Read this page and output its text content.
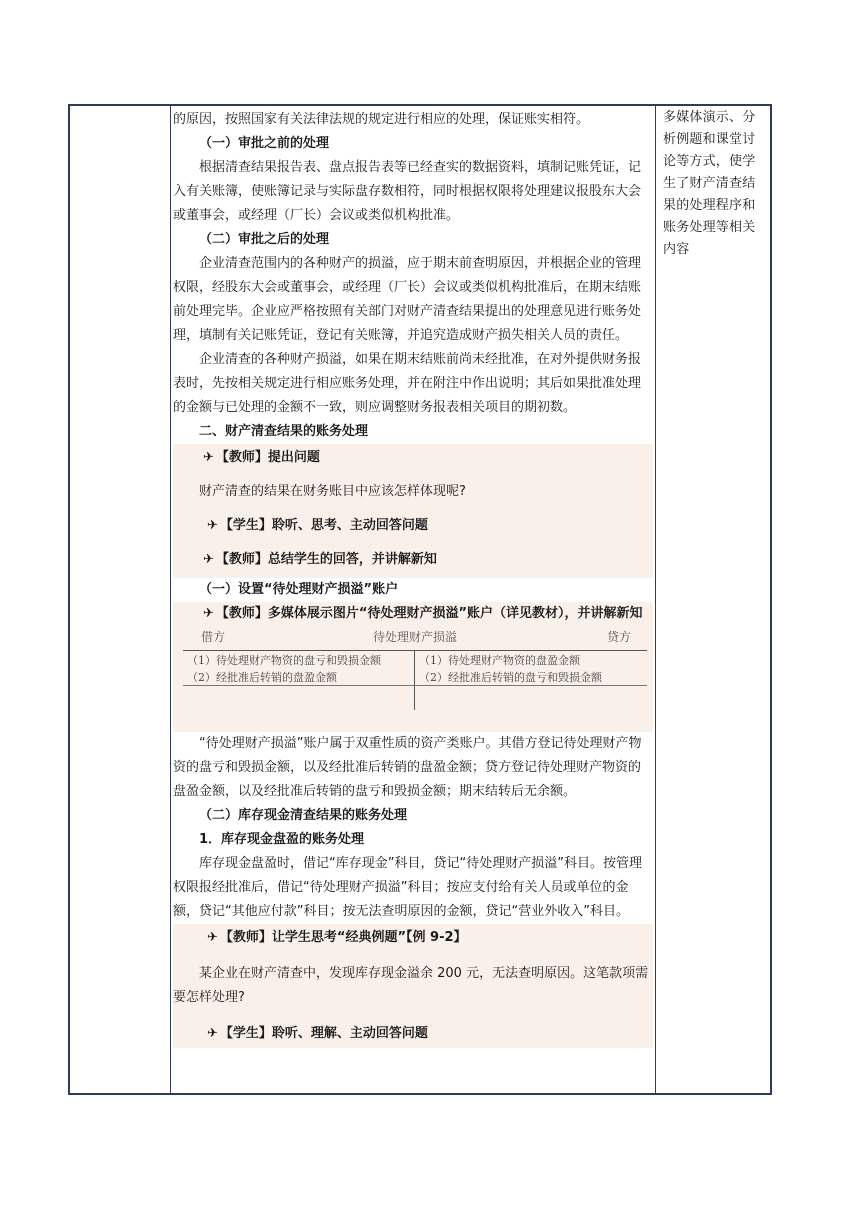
的原因，按照国家有关法律法规的规定进行相应的处理，保证账实相符。

（一）审批之前的处理

根据清查结果报告表、盘点报告表等已经查实的数据资料，填制记账凭证，记入有关账簿，使账簿记录与实际盘存数相符，同时根据权限将处理建议报股东大会或董事会，或经理（厂长）会议或类似机构批准。

（二）审批之后的处理

企业清查范围内的各种财产的损溢，应于期末前查明原因，并根据企业的管理权限，经股东大会或董事会，或经理（厂长）会议或类似机构批准后，在期末结账前处理完毕。企业应严格按照有关部门对财产清查结果提出的处理意见进行账务处理，填制有关记账凭证，登记有关账簿，并追究造成财产损失相关人员的责任。

企业清查的各种财产损溢，如果在期末结账前尚未经批准，在对外提供财务报表时，先按相关规定进行相应账务处理，并在附注中作出说明；其后如果批准处理的金额与已处理的金额不一致，则应调整财务报表相关项目的期初数。

二、财产清查结果的账务处理

✈ 【教师】提出问题

财产清查的结果在财务账目中应该怎样体现呢?

✈ 【学生】聆听、思考、主动回答问题

✈ 【教师】总结学生的回答，并讲解新知

（一）设置“待处理财产损溢”账户

✈ 【教师】多媒体展示图片“待处理财产损溢”账户（详见教材），并讲解新知

借方	待处理财产损溢	贷方
（1）待处理财产物资的盘亏和毁损金额
（2）经批准后转销的盘盈金额
（1）待处理财产物资的盘盈金额
（2）经批准后转销的盘亏和毁损金额

“待处理财产损溢”账户属于双重性质的资产类账户。其借方登记待处理财产物资的盘亏和毁损金额，以及经批准后转销的盘盈金额；贷方登记待处理财产物资的盘盈金额，以及经批准后转销的盘亏和毁损金额；期末结转后无余额。

（二）库存现金清查结果的账务处理

1．库存现金盘盈的账务处理

库存现金盘盈时，借记“库存现金”科目，贷记“待处理财产损溢”科目。按管理权限报经批准后，借记“待处理财产损溢”科目；按应支付给有关人员或单位的金额，贷记“其他应付款”科目；按无法查明原因的金额，贷记“营业外收入”科目。

✈ 【教师】让学生思考“经典例题”【例 9-2】

某企业在财产清查中，发现库存现金溢余 200 元，无法查明原因。这笔款项需要怎样处理?

✈ 【学生】聆听、理解、主动回答问题

多媒体演示、分析例题和课堂讨论等方式，使学生了财产清查结果的处理程序和账务处理等相关内容
